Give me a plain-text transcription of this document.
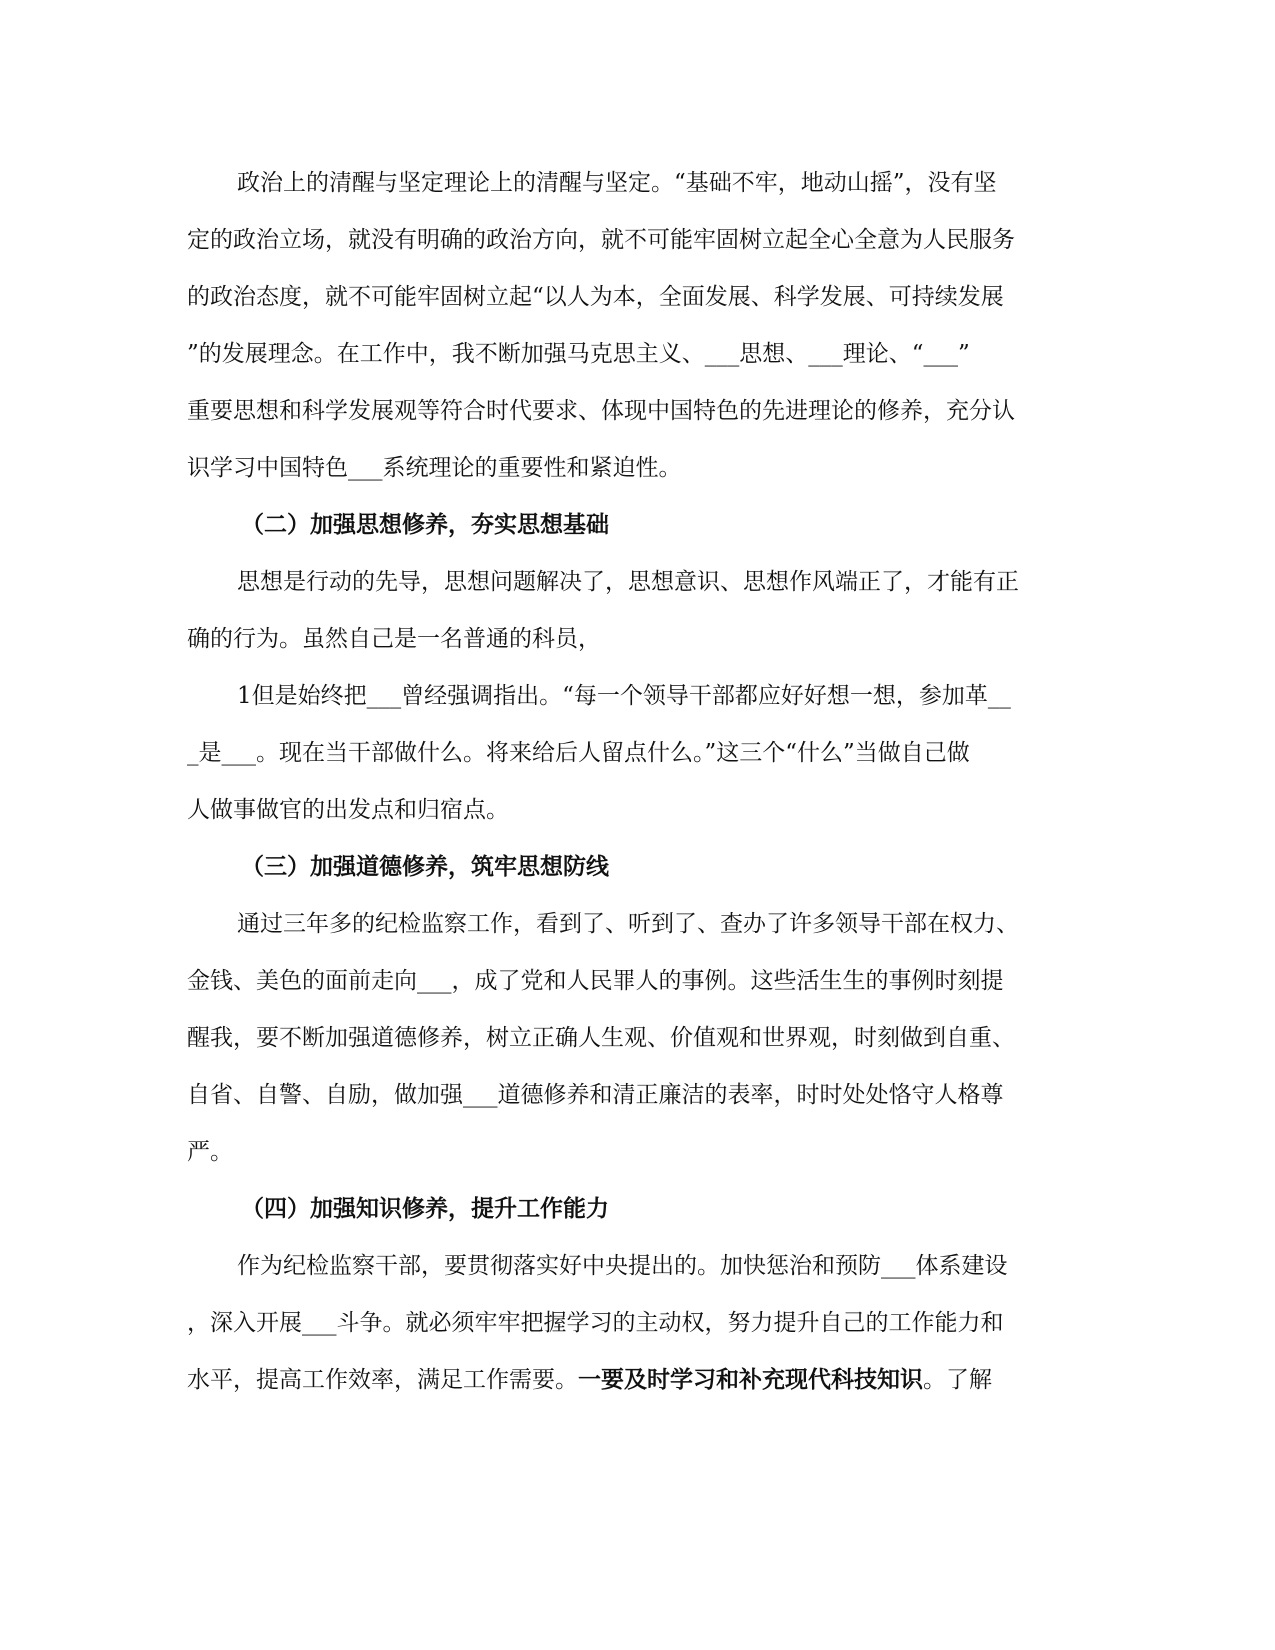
政治上的清醒与坚定理论上的清醒与坚定。“基础不牢，地动山摇”，没有坚
定的政治立场，就没有明确的政治方向，就不可能牢固树立起全心全意为人民服务
的政治态度，就不可能牢固树立起“以人为本，全面发展、科学发展、可持续发展
”的发展理念。在工作中，我不断加强马克思主义、___思想、___理论、“___”
重要思想和科学发展观等符合时代要求、体现中国特色的先进理论的修养，充分认
识学习中国特色___系统理论的重要性和紧迫性。
（二）加强思想修养，夯实思想基础
思想是行动的先导，思想问题解决了，思想意识、思想作风端正了，才能有正
确的行为。虽然自己是一名普通的科员，
1但是始终把___曾经强调指出。“每一个领导干部都应好好想一想，参加革__
_是___。现在当干部做什么。将来给后人留点什么。”这三个“什么”当做自己做
人做事做官的出发点和归宿点。
（三）加强道德修养，筑牢思想防线
通过三年多的纪检监察工作，看到了、听到了、查办了许多领导干部在权力、
金钱、美色的面前走向___，成了党和人民罪人的事例。这些活生生的事例时刻提
醒我，要不断加强道德修养，树立正确人生观、价值观和世界观，时刻做到自重、
自省、自警、自励，做加强___道德修养和清正廉洁的表率，时时处处恪守人格尊
严。
（四）加强知识修养，提升工作能力
作为纪检监察干部，要贯彻落实好中央提出的。加快惩治和预防___体系建设
，深入开展___斗争。就必须牢牢把握学习的主动权，努力提升自己的工作能力和
水平，提高工作效率，满足工作需要。一要及时学习和补充现代科技知识。了解
